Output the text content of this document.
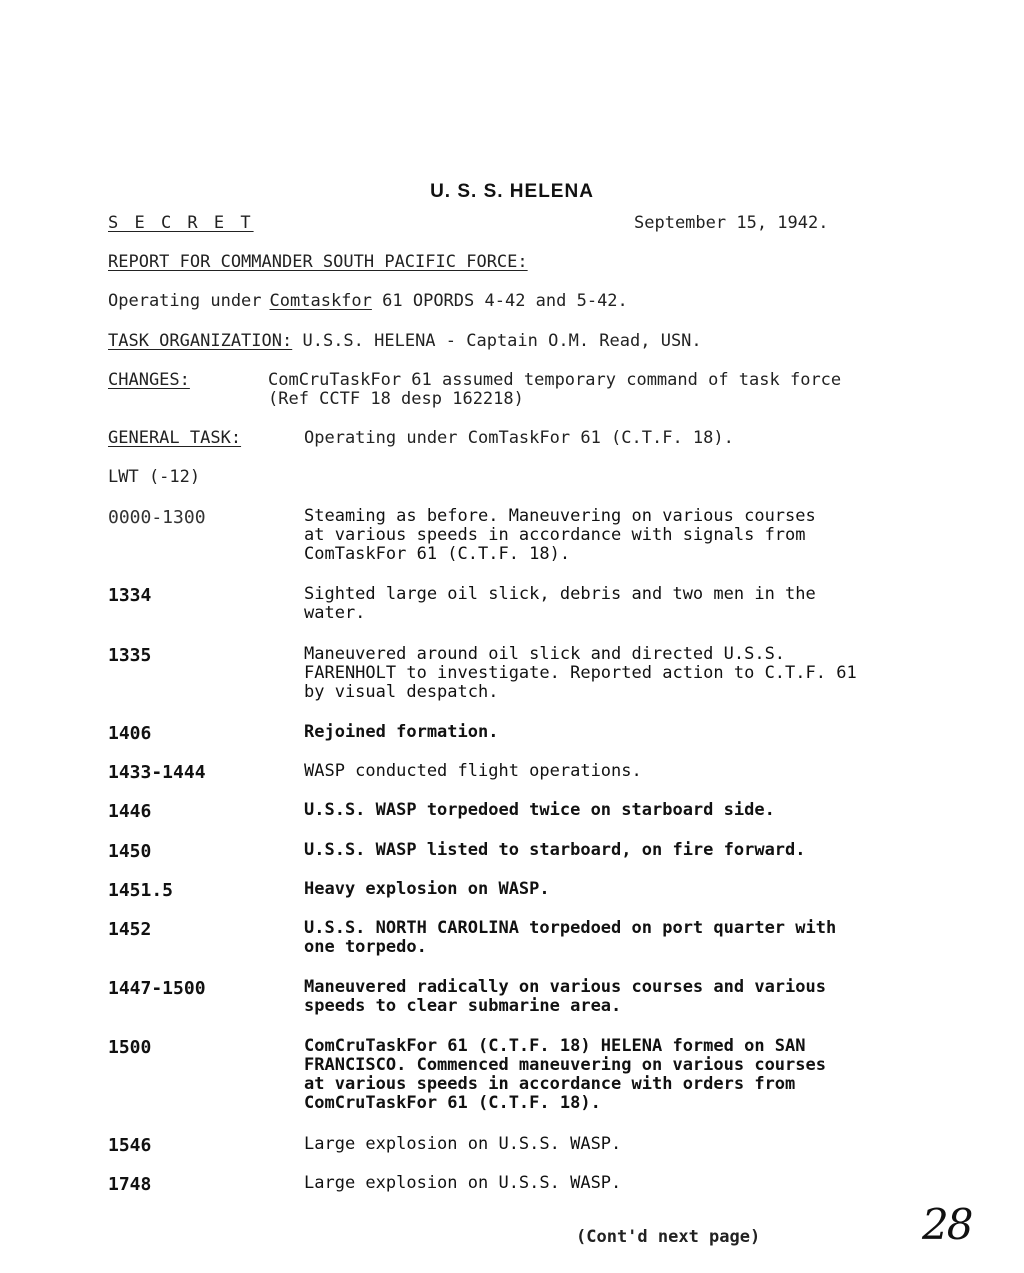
U. S. S. HELENA
S E C R E T	September 15, 1942.
REPORT FOR COMMANDER SOUTH PACIFIC FORCE:
Operating under Comtaskfor 61 OPORDS 4-42 and 5-42.
TASK ORGANIZATION: U.S.S. HELENA - Captain O.M. Read, USN.
CHANGES:	ComCruTaskFor 61 assumed temporary command of task force
(Ref CCTF 18 desp 162218)
GENERAL TASK:	Operating under ComTaskFor 61 (C.T.F. 18).
LWT (-12)
0000-1300	Steaming as before. Maneuvering on various courses
at various speeds in accordance with signals from
ComTaskFor 61 (C.T.F. 18).
1334	Sighted large oil slick, debris and two men in the
water.
1335	Maneuvered around oil slick and directed U.S.S.
FARENHOLT to investigate. Reported action to C.T.F. 61
by visual despatch.
1406	Rejoined formation.
1433-1444	WASP conducted flight operations.
1446	U.S.S. WASP torpedoed twice on starboard side.
1450	U.S.S. WASP listed to starboard, on fire forward.
1451.5	Heavy explosion on WASP.
1452	U.S.S. NORTH CAROLINA torpedoed on port quarter with
one torpedo.
1447-1500	Maneuvered radically on various courses and various
speeds to clear submarine area.
1500	ComCruTaskFor 61 (C.T.F. 18) HELENA formed on SAN
FRANCISCO. Commenced maneuvering on various courses
at various speeds in accordance with orders from
ComCruTaskFor 61 (C.T.F. 18).
1546	Large explosion on U.S.S. WASP.
1748	Large explosion on U.S.S. WASP.
(Cont'd next page)	28
